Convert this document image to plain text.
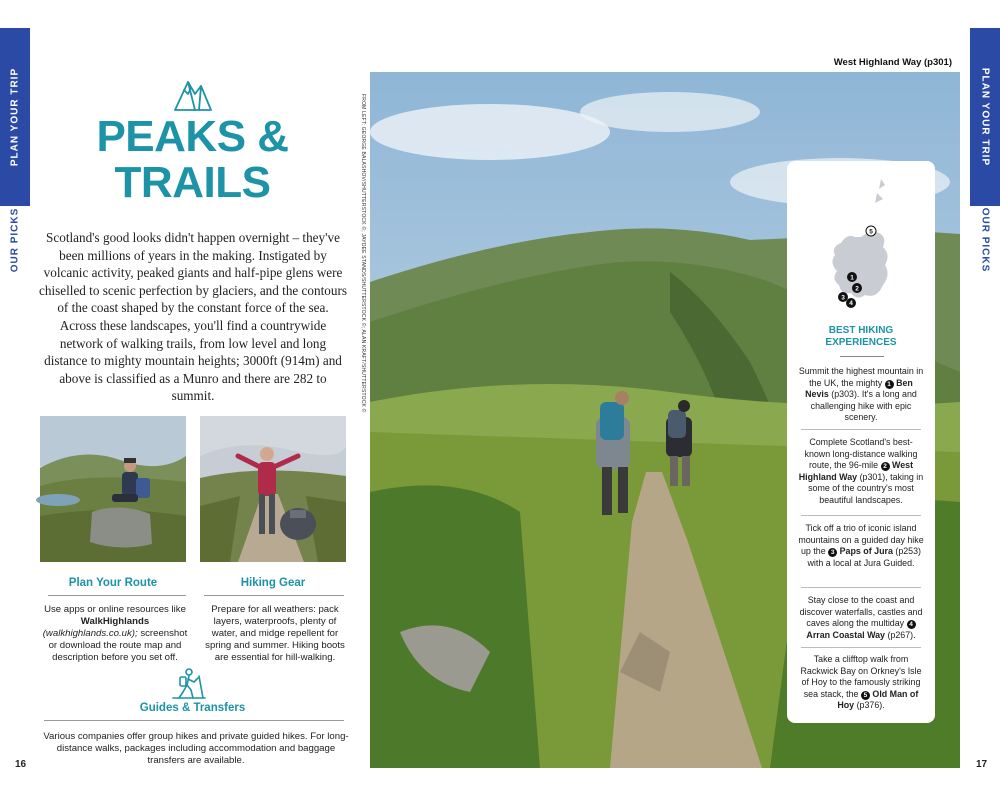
PLAN YOUR TRIP
OUR PICKS
PEAKS &
TRAILS

Scotland's good looks didn't happen overnight – they've been millions of years in the making. Instigated by volcanic activity, peaked giants and half-pipe glens were chiselled to scenic perfection by glaciers, and the contours of the coast shaped by the constant force of the sea. Across these landscapes, you'll find a countrywide network of walking trails, from low level and long distance to mighty mountain heights; 3000ft (914m) and above is classified as a Munro and there are 282 to summit.

Plan Your Route

Use apps or online resources like WalkHighlands (walkhighlands.co.uk); screenshot or download the route map and description before you set off.

Hiking Gear

Prepare for all weathers: pack layers, waterproofs, plenty of water, and midge repellent for spring and summer. Hiking boots are essential for hill-walking.

Guides & Transfers

Various companies offer group hikes and private guided hikes. For long-distance walks, packages including accommodation and baggage transfers are available.

16
West Highland Way (p301)
PLAN YOUR TRIP
OUR PICKS
FROM LEFT: GEORGE BALASHOV/SHUTTERSTOCK ©; JAYDEE STANDS/SHUTTERSTOCK ©; ALAN KRAFT/SHUTTERSTOCK ©	5
1
2
3
4
BEST HIKING
EXPERIENCES

Summit the highest mountain in the UK, the mighty 1 Ben Nevis (p303). It's a long and challenging hike with epic scenery.

Complete Scotland's best-known long-distance walking route, the 96-mile 2 West Highland Way (p301), taking in some of the country's most beautiful landscapes.

Tick off a trio of iconic island mountains on a guided day hike up the 3 Paps of Jura (p253) with a local at Jura Guided.

Stay close to the coast and discover waterfalls, castles and caves along the multiday 4 Arran Coastal Way (p267).

Take a clifftop walk from Rackwick Bay on Orkney's Isle of Hoy to the famously striking sea stack, the 5 Old Man of Hoy (p376).

17
